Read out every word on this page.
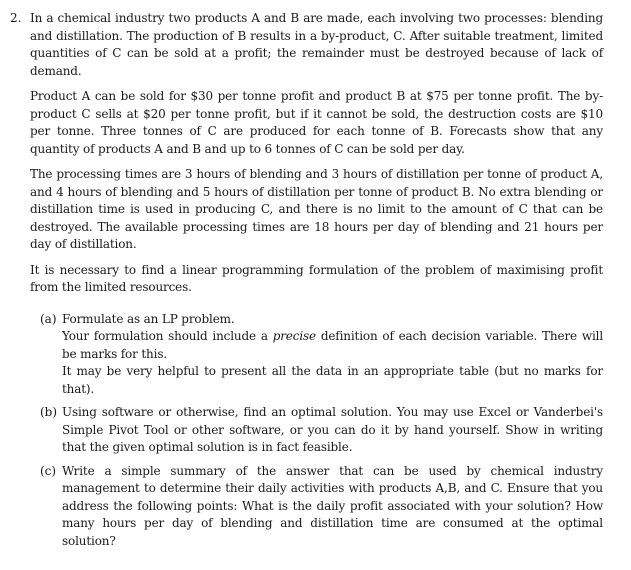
2. In a chemical industry two products A and B are made, each involving two processes: blending and distillation. The production of B results in a by-product, C. After suitable treatment, limited quantities of C can be sold at a profit; the remainder must be destroyed because of lack of demand.

Product A can be sold for $30 per tonne profit and product B at $75 per tonne profit. The by-product C sells at $20 per tonne profit, but if it cannot be sold, the destruction costs are $10 per tonne. Three tonnes of C are produced for each tonne of B. Forecasts show that any quantity of products A and B and up to 6 tonnes of C can be sold per day.

The processing times are 3 hours of blending and 3 hours of distillation per tonne of product A, and 4 hours of blending and 5 hours of distillation per tonne of product B. No extra blending or distillation time is used in producing C, and there is no limit to the amount of C that can be destroyed. The available processing times are 18 hours per day of blending and 21 hours per day of distillation.

It is necessary to find a linear programming formulation of the problem of maximising profit from the limited resources.

(a) Formulate as an LP problem.

Your formulation should include a precise definition of each decision variable. There will be marks for this.

It may be very helpful to present all the data in an appropriate table (but no marks for that).

(b) Using software or otherwise, find an optimal solution. You may use Excel or Vanderbei's Simple Pivot Tool or other software, or you can do it by hand yourself. Show in writing that the given optimal solution is in fact feasible.

(c) Write a simple summary of the answer that can be used by chemical industry management to determine their daily activities with products A,B, and C. Ensure that you address the following points: What is the daily profit associated with your solution? How many hours per day of blending and distillation time are consumed at the optimal solution?
